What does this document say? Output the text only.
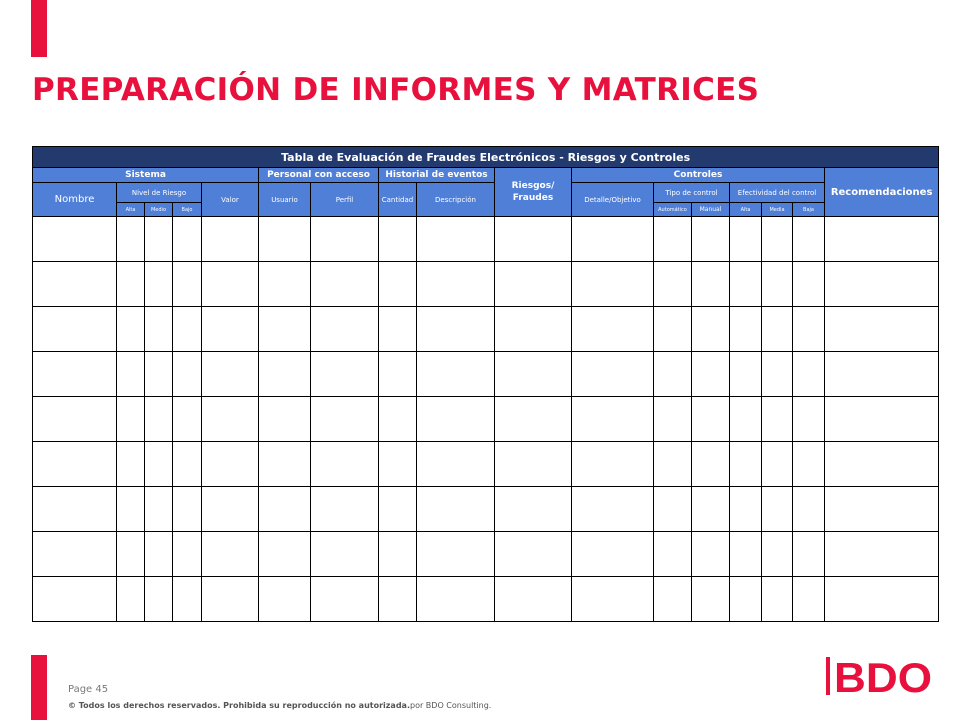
PREPARACIÓN DE INFORMES Y MATRICES
Tabla de Evaluación de Fraudes Electrónicos - Riesgos y Controles																
Sistema					Personal con acceso		Historial de eventos		Riesgos/ Fraudes	Controles						Recomendaciones
Nombre	Nivel de Riesgo			Valor	Usuario	Perfil	Cantidad	Descripción		Detalle/Objetivo	Tipo de control		Efectividad del control			
	Alta	Medio	Bajo								Automático	Manual	Alta	Media	Baja	

Page 45
© Todos los derechos reservados. Prohibida su reproducción no autorizada.por BDO Consulting.
BDO
